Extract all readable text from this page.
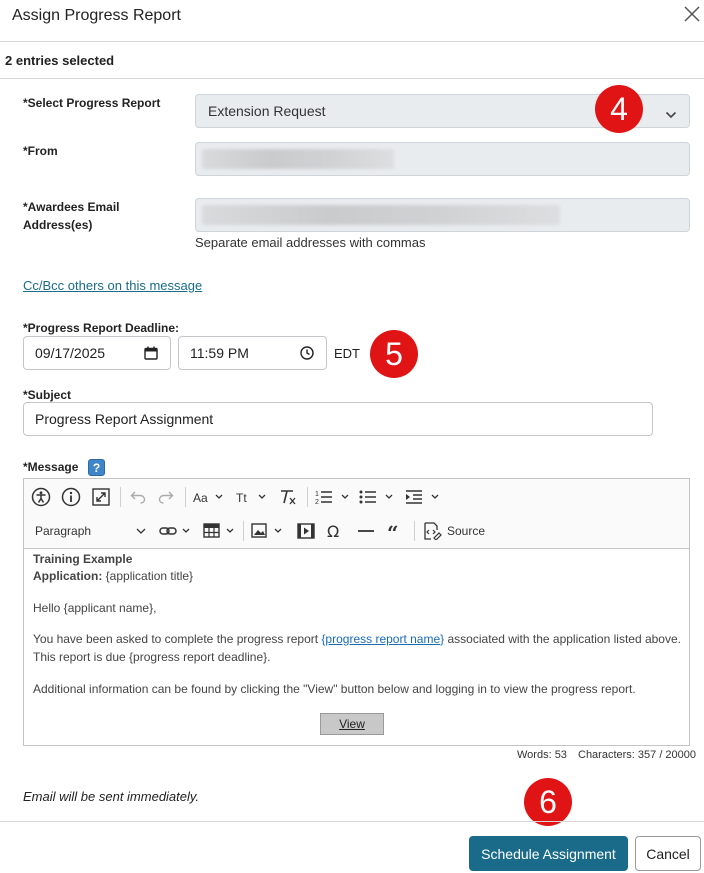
Assign Progress Report
2 entries selected
*Select Progress Report	Extension Request	4
*From
*Awardees Email
Address(es)
Separate email addresses with commas
Cc/Bcc others on this message
*Progress Report Deadline:
09/17/2025	11:59 PM	EDT 5
*Subject
Progress Report Assignment
*Message	?
Aa Tt	1
2
Paragraph	Ω “	Source
Training Example
Application: {application title}
Hello {applicant name},
You have been asked to complete the progress report {progress report name} associated with the application listed above.
This report is due {progress report deadline}.
Additional information can be found by clicking the "View" button below and logging in to view the progress report.
View
Words: 53 Characters: 357 / 20000
Email will be sent immediately.	6
Schedule Assignment	Cancel
